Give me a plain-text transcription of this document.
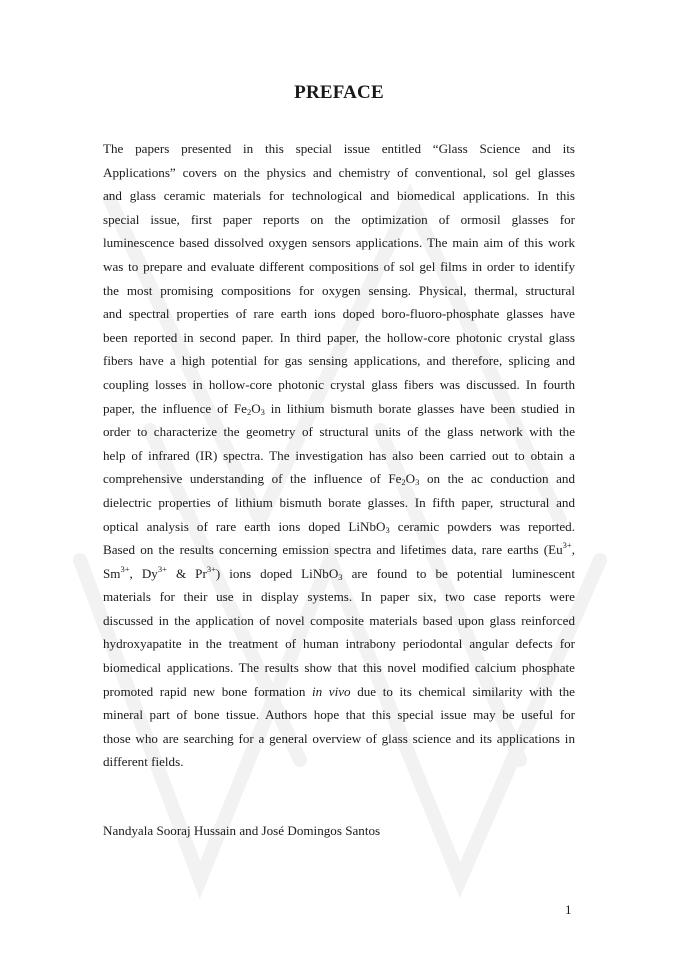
PREFACE
The papers presented in this special issue entitled “Glass Science and its
Applications” covers on the physics and chemistry of conventional, sol gel glasses
and glass ceramic materials for technological and biomedical applications. In this
special issue, first paper reports on the optimization of ormosil glasses for
luminescence based dissolved oxygen sensors applications. The main aim of this work
was to prepare and evaluate different compositions of sol gel films in order to identify
the most promising compositions for oxygen sensing. Physical, thermal, structural
and spectral properties of rare earth ions doped boro-fluoro-phosphate glasses have
been reported in second paper. In third paper, the hollow-core photonic crystal glass
fibers have a high potential for gas sensing applications, and therefore, splicing and
coupling losses in hollow-core photonic crystal glass fibers was discussed. In fourth
paper, the influence of $Fe_2O_3$ in lithium bismuth borate glasses have been studied in
order to characterize the geometry of structural units of the glass network with the
help of infrared (IR) spectra. The investigation has also been carried out to obtain a
comprehensive understanding of the influence of $Fe_2O_3$ on the ac conduction and
dielectric properties of lithium bismuth borate glasses. In fifth paper, structural and
optical analysis of rare earth ions doped LiNbO$_3$ ceramic powders was reported.
Based on the results concerning emission spectra and lifetimes data, rare earths ($Eu^{3+}$,
$Sm^{3+}$, $Dy^{3+}$ & $Pr^{3+}$) ions doped LiNbO$_3$ are found to be potential luminescent
materials for their use in display systems. In paper six, two case reports were
discussed in the application of novel composite materials based upon glass reinforced
hydroxyapatite in the treatment of human intrabony periodontal angular defects for
biomedical applications. The results show that this novel modified calcium phosphate
promoted rapid new bone formation in vivo due to its chemical similarity with the
mineral part of bone tissue. Authors hope that this special issue may be useful for
those who are searching for a general overview of glass science and its applications in
different fields.
Nandyala Sooraj Hussain and José Domingos Santos
1
